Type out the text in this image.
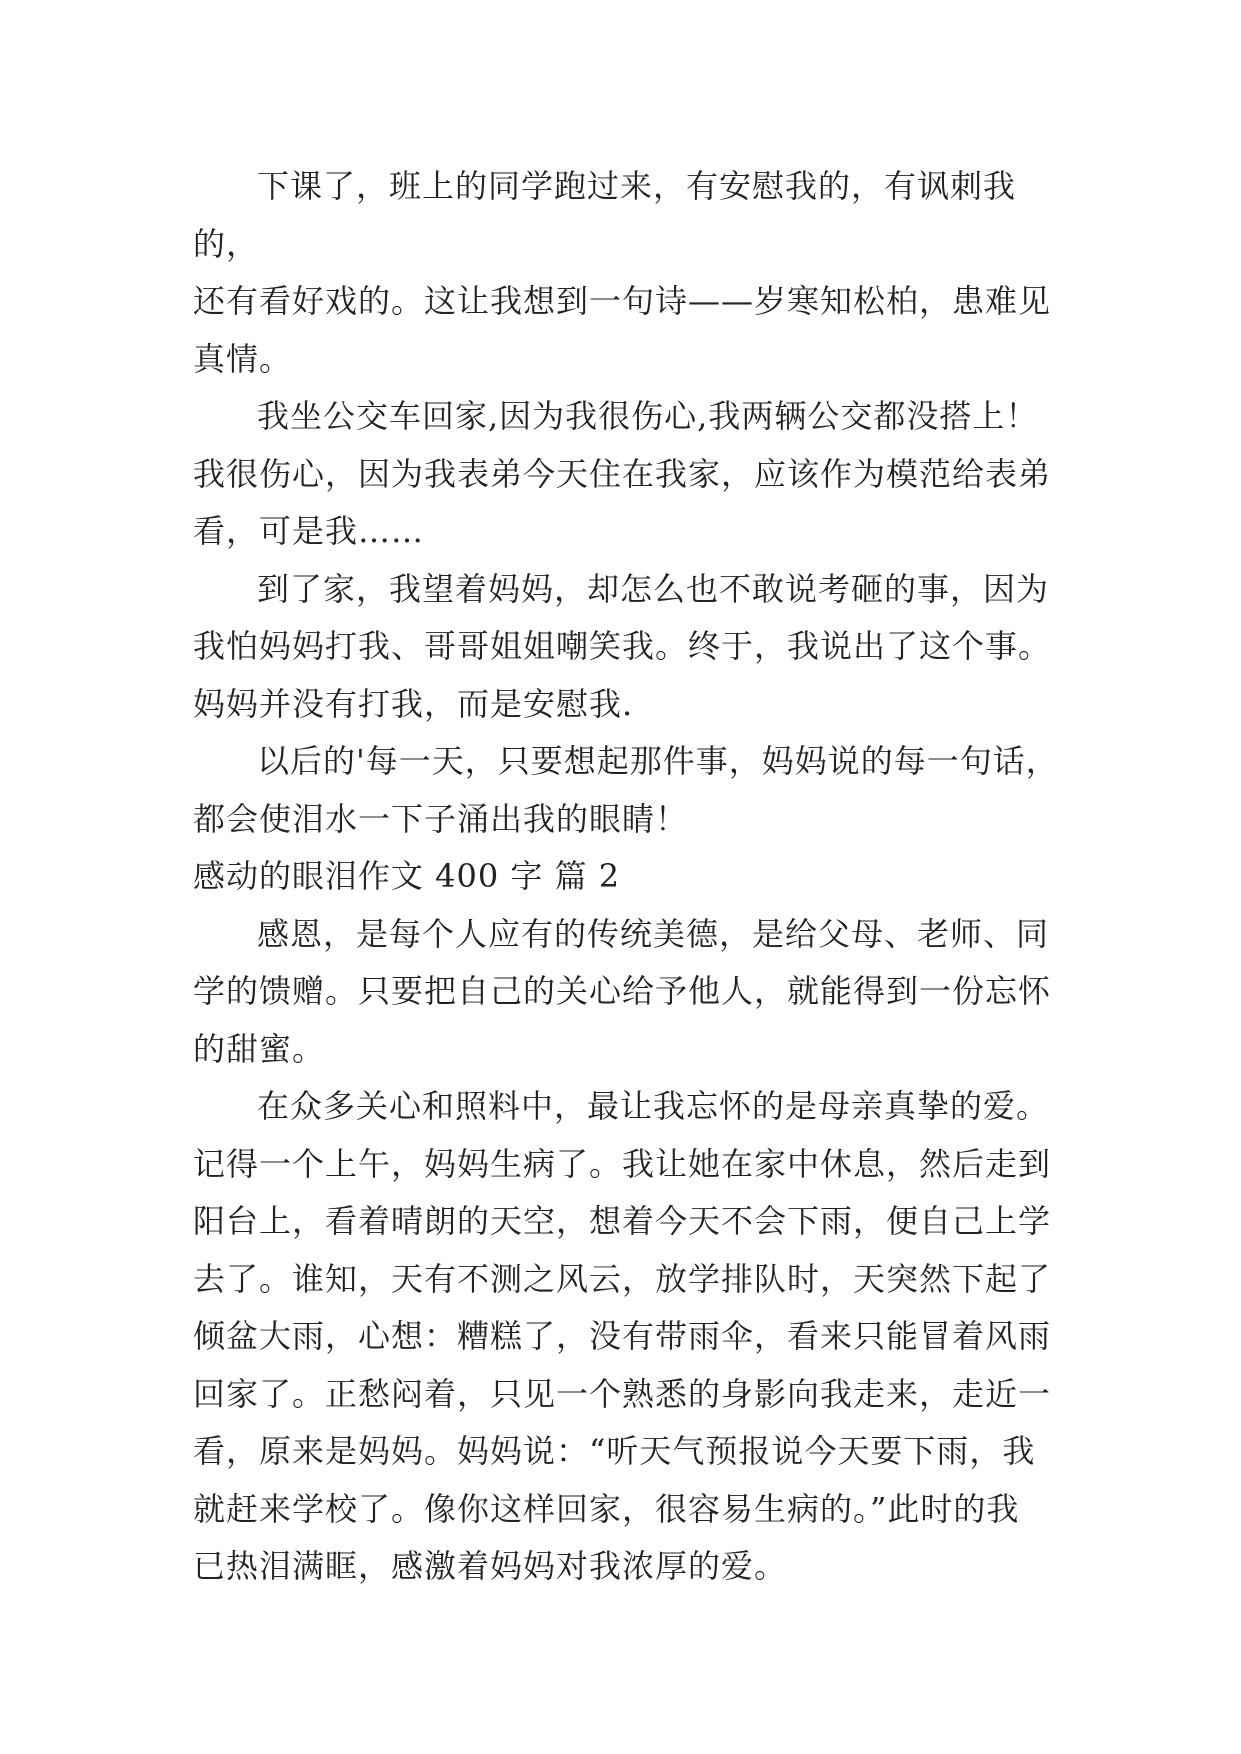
下课了，班上的同学跑过来，有安慰我的，有讽刺我的，
还有看好戏的。这让我想到一句诗——岁寒知松柏，患难见
真情。

我坐公交车回家,因为我很伤心,我两辆公交都没搭上！
我很伤心，因为我表弟今天住在我家，应该作为模范给表弟
看，可是我……

到了家，我望着妈妈，却怎么也不敢说考砸的事，因为
我怕妈妈打我、哥哥姐姐嘲笑我。终于，我说出了这个事。
妈妈并没有打我，而是安慰我.

以后的'每一天，只要想起那件事，妈妈说的每一句话，
都会使泪水一下子涌出我的眼睛！

感动的眼泪作文 400 字 篇 2

感恩，是每个人应有的传统美德，是给父母、老师、同
学的馈赠。只要把自己的关心给予他人，就能得到一份忘怀
的甜蜜。

在众多关心和照料中，最让我忘怀的是母亲真挚的爱。
记得一个上午，妈妈生病了。我让她在家中休息，然后走到
阳台上，看着晴朗的天空，想着今天不会下雨，便自己上学
去了。谁知，天有不测之风云，放学排队时，天突然下起了
倾盆大雨，心想：糟糕了，没有带雨伞，看来只能冒着风雨
回家了。正愁闷着，只见一个熟悉的身影向我走来，走近一
看，原来是妈妈。妈妈说：“听天气预报说今天要下雨，我
就赶来学校了。像你这样回家，很容易生病的。”此时的我
已热泪满眶，感激着妈妈对我浓厚的爱。
